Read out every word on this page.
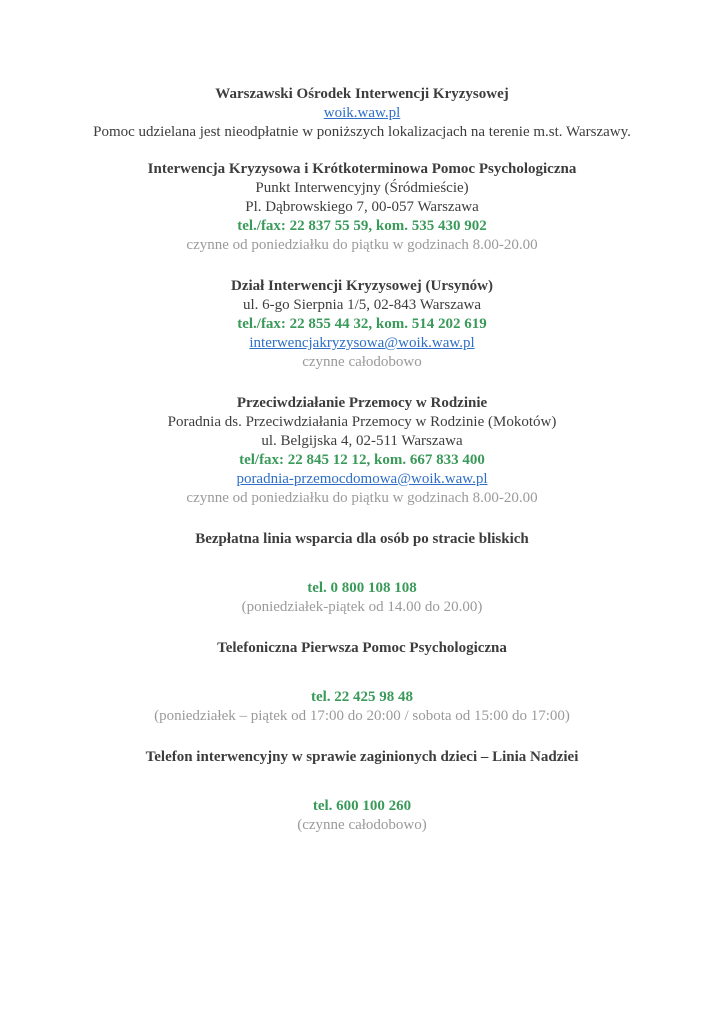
Warszawski Ośrodek Interwencji Kryzysowej
woik.waw.pl
Pomoc udzielana jest nieodpłatnie w poniższych lokalizacjach na terenie m.st. Warszawy.
Interwencja Kryzysowa i Krótkoterminowa Pomoc Psychologiczna
Punkt Interwencyjny (Śródmieście)
Pl. Dąbrowskiego 7, 00-057 Warszawa
tel./fax: 22 837 55 59, kom. 535 430 902
czynne od poniedziałku do piątku w godzinach 8.00-20.00
Dział Interwencji Kryzysowej (Ursynów)
ul. 6-go Sierpnia 1/5, 02-843 Warszawa
tel./fax: 22 855 44 32, kom. 514 202 619
interwencjakryzysowa@woik.waw.pl
czynne całodobowo
Przeciwdziałanie Przemocy w Rodzinie
Poradnia ds. Przeciwdziałania Przemocy w Rodzinie (Mokotów)
ul. Belgijska 4, 02-511 Warszawa
tel/fax: 22 845 12 12, kom. 667 833 400
poradnia-przemocdomowa@woik.waw.pl
czynne od poniedziałku do piątku w godzinach 8.00-20.00
Bezpłatna linia wsparcia dla osób po stracie bliskich
tel. 0 800 108 108
(poniedziałek-piątek od 14.00 do 20.00)
Telefoniczna Pierwsza Pomoc Psychologiczna
tel. 22 425 98 48
(poniedziałek – piątek od 17:00 do 20:00 / sobota od 15:00 do 17:00)
Telefon interwencyjny w sprawie zaginionych dzieci – Linia Nadziei
tel. 600 100 260
(czynne całodobowo)
